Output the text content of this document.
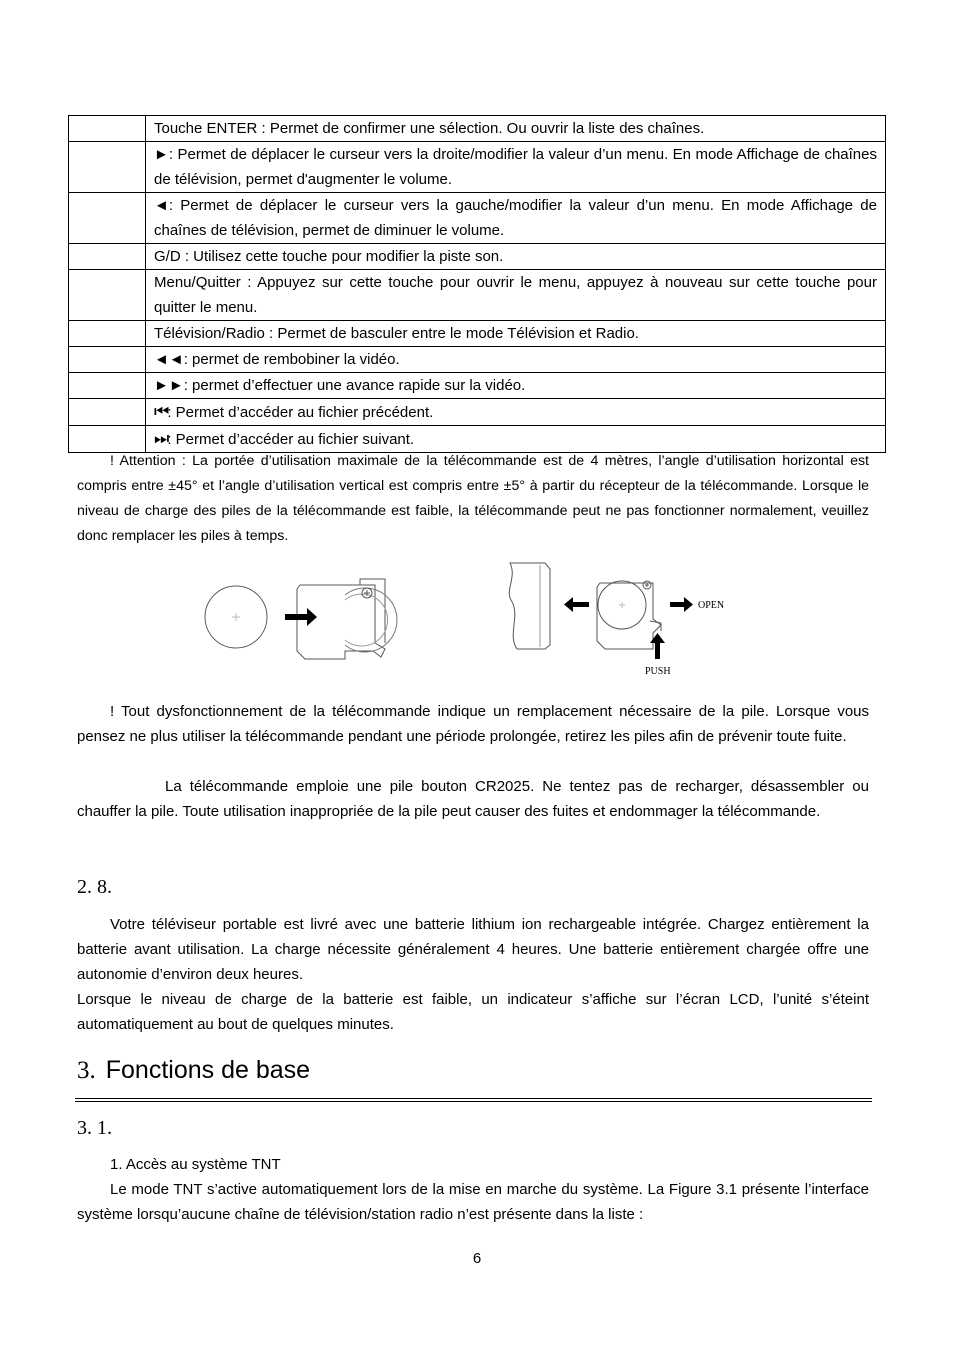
	Touche ENTER : Permet de confirmer une sélection. Ou ouvrir la liste des chaînes.
	►: Permet de déplacer le curseur vers la droite/modifier la valeur d’un menu. En mode Affichage de chaînes de télévision, permet d'augmenter le volume.
	◄: Permet de déplacer le curseur vers la gauche/modifier la valeur d’un menu. En mode Affichage de chaînes de télévision, permet de diminuer le volume.
	G/D : Utilisez cette touche pour modifier la piste son.
	Menu/Quitter : Appuyez sur cette touche pour ouvrir le menu, appuyez à nouveau sur cette touche pour quitter le menu.
	Télévision/Radio : Permet de basculer entre le mode Télévision et Radio.
	◄◄: permet de rembobiner la vidéo.
	►►: permet d’effectuer une avance rapide sur la vidéo.
	⏮: Permet d’accéder au fichier précédent.
	⏭: Permet d’accéder au fichier suivant.

! Attention : La portée d’utilisation maximale de la télécommande est de 4 mètres, l’angle d’utilisation horizontal est compris entre ±45° et l’angle d’utilisation vertical est compris entre ±5° à partir du récepteur de la télécommande. Lorsque le niveau de charge des piles de la télécommande est faible, la télécommande peut ne pas fonctionner normalement, veuillez donc remplacer les piles à temps.

OPEN
PUSH

! Tout dysfonctionnement de la télécommande indique un remplacement nécessaire de la pile. Lorsque vous pensez ne plus utiliser la télécommande pendant une période prolongée, retirez les piles afin de prévenir toute fuite.

La télécommande emploie une pile bouton CR2025. Ne tentez pas de recharger, désassembler ou chauffer la pile. Toute utilisation inappropriée de la pile peut causer des fuites et endommager la télécommande.

2. 8.

Votre téléviseur portable est livré avec une batterie lithium ion rechargeable intégrée. Chargez entièrement la batterie avant utilisation. La charge nécessite généralement 4 heures. Une batterie entièrement chargée offre une autonomie d’environ deux heures.

Lorsque le niveau de charge de la batterie est faible, un indicateur s’affiche sur l’écran LCD, l’unité s’éteint automatiquement au bout de quelques minutes.

3. Fonctions de base

3. 1.

1. Accès au système TNT

Le mode TNT s’active automatiquement lors de la mise en marche du système. La Figure 3.1 présente l’interface système lorsqu’aucune chaîne de télévision/station radio n’est présente dans la liste :

6
